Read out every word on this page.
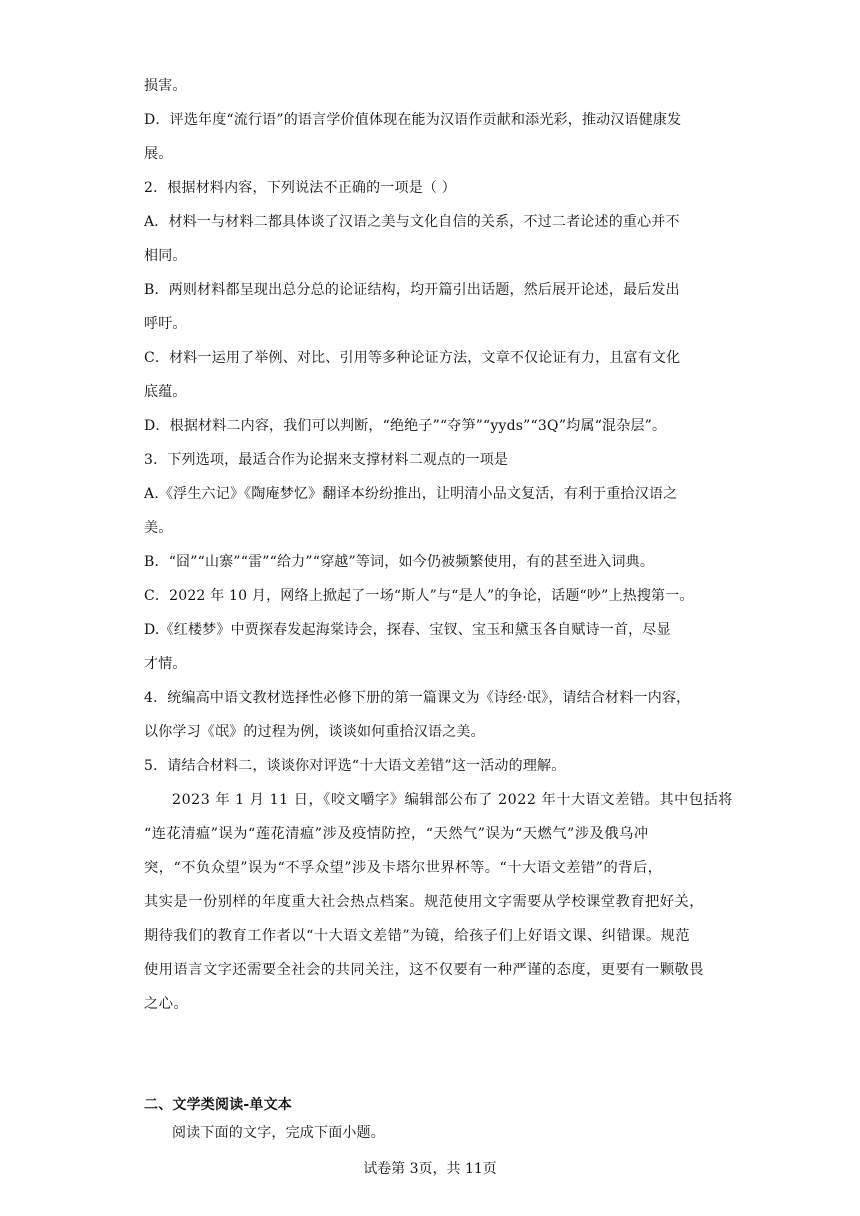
损害。
D．评选年度“流行语”的语言学价值体现在能为汉语作贡献和添光彩，推动汉语健康发
展。
2．根据材料内容，下列说法不正确的一项是（ ）
A．材料一与材料二都具体谈了汉语之美与文化自信的关系，不过二者论述的重心并不
相同。
B．两则材料都呈现出总分总的论证结构，均开篇引出话题，然后展开论述，最后发出
呼吁。
C．材料一运用了举例、对比、引用等多种论证方法，文章不仅论证有力，且富有文化
底蕴。
D．根据材料二内容，我们可以判断，“绝绝子”“夺笋”“yyds”“3Q”均属“混杂层”。
3．下列选项，最适合作为论据来支撑材料二观点的一项是
A.《浮生六记》《陶庵梦忆》翻译本纷纷推出，让明清小品文复活，有利于重拾汉语之
美。
B．“囧”“山寨”“雷”“给力”“穿越”等词，如今仍被频繁使用，有的甚至进入词典。
C．2022 年 10 月，网络上掀起了一场“斯人”与“是人”的争论，话题“吵”上热搜第一。
D.《红楼梦》中贾探春发起海棠诗会，探春、宝钗、宝玉和黛玉各自赋诗一首，尽显
才情。
4．统编高中语文教材选择性必修下册的第一篇课文为《诗经·氓》，请结合材料一内容，
以你学习《氓》的过程为例，谈谈如何重拾汉语之美。
5．请结合材料二，谈谈你对评选“十大语文差错”这一活动的理解。
2023 年 1 月 11 日，《咬文嚼字》编辑部公布了 2022 年十大语文差错。其中包括将
“连花清瘟”误为“莲花清瘟”涉及疫情防控，“天然气”误为“天燃气”涉及俄乌冲
突，“不负众望”误为“不孚众望”涉及卡塔尔世界杯等。“十大语文差错”的背后，
其实是一份别样的年度重大社会热点档案。规范使用文字需要从学校课堂教育把好关，
期待我们的教育工作者以“十大语文差错”为镜，给孩子们上好语文课、纠错课。规范
使用语言文字还需要全社会的共同关注，这不仅要有一种严谨的态度，更要有一颗敬畏
之心。
二、文学类阅读-单文本
阅读下面的文字，完成下面小题。
试卷第 3页，共 11页
